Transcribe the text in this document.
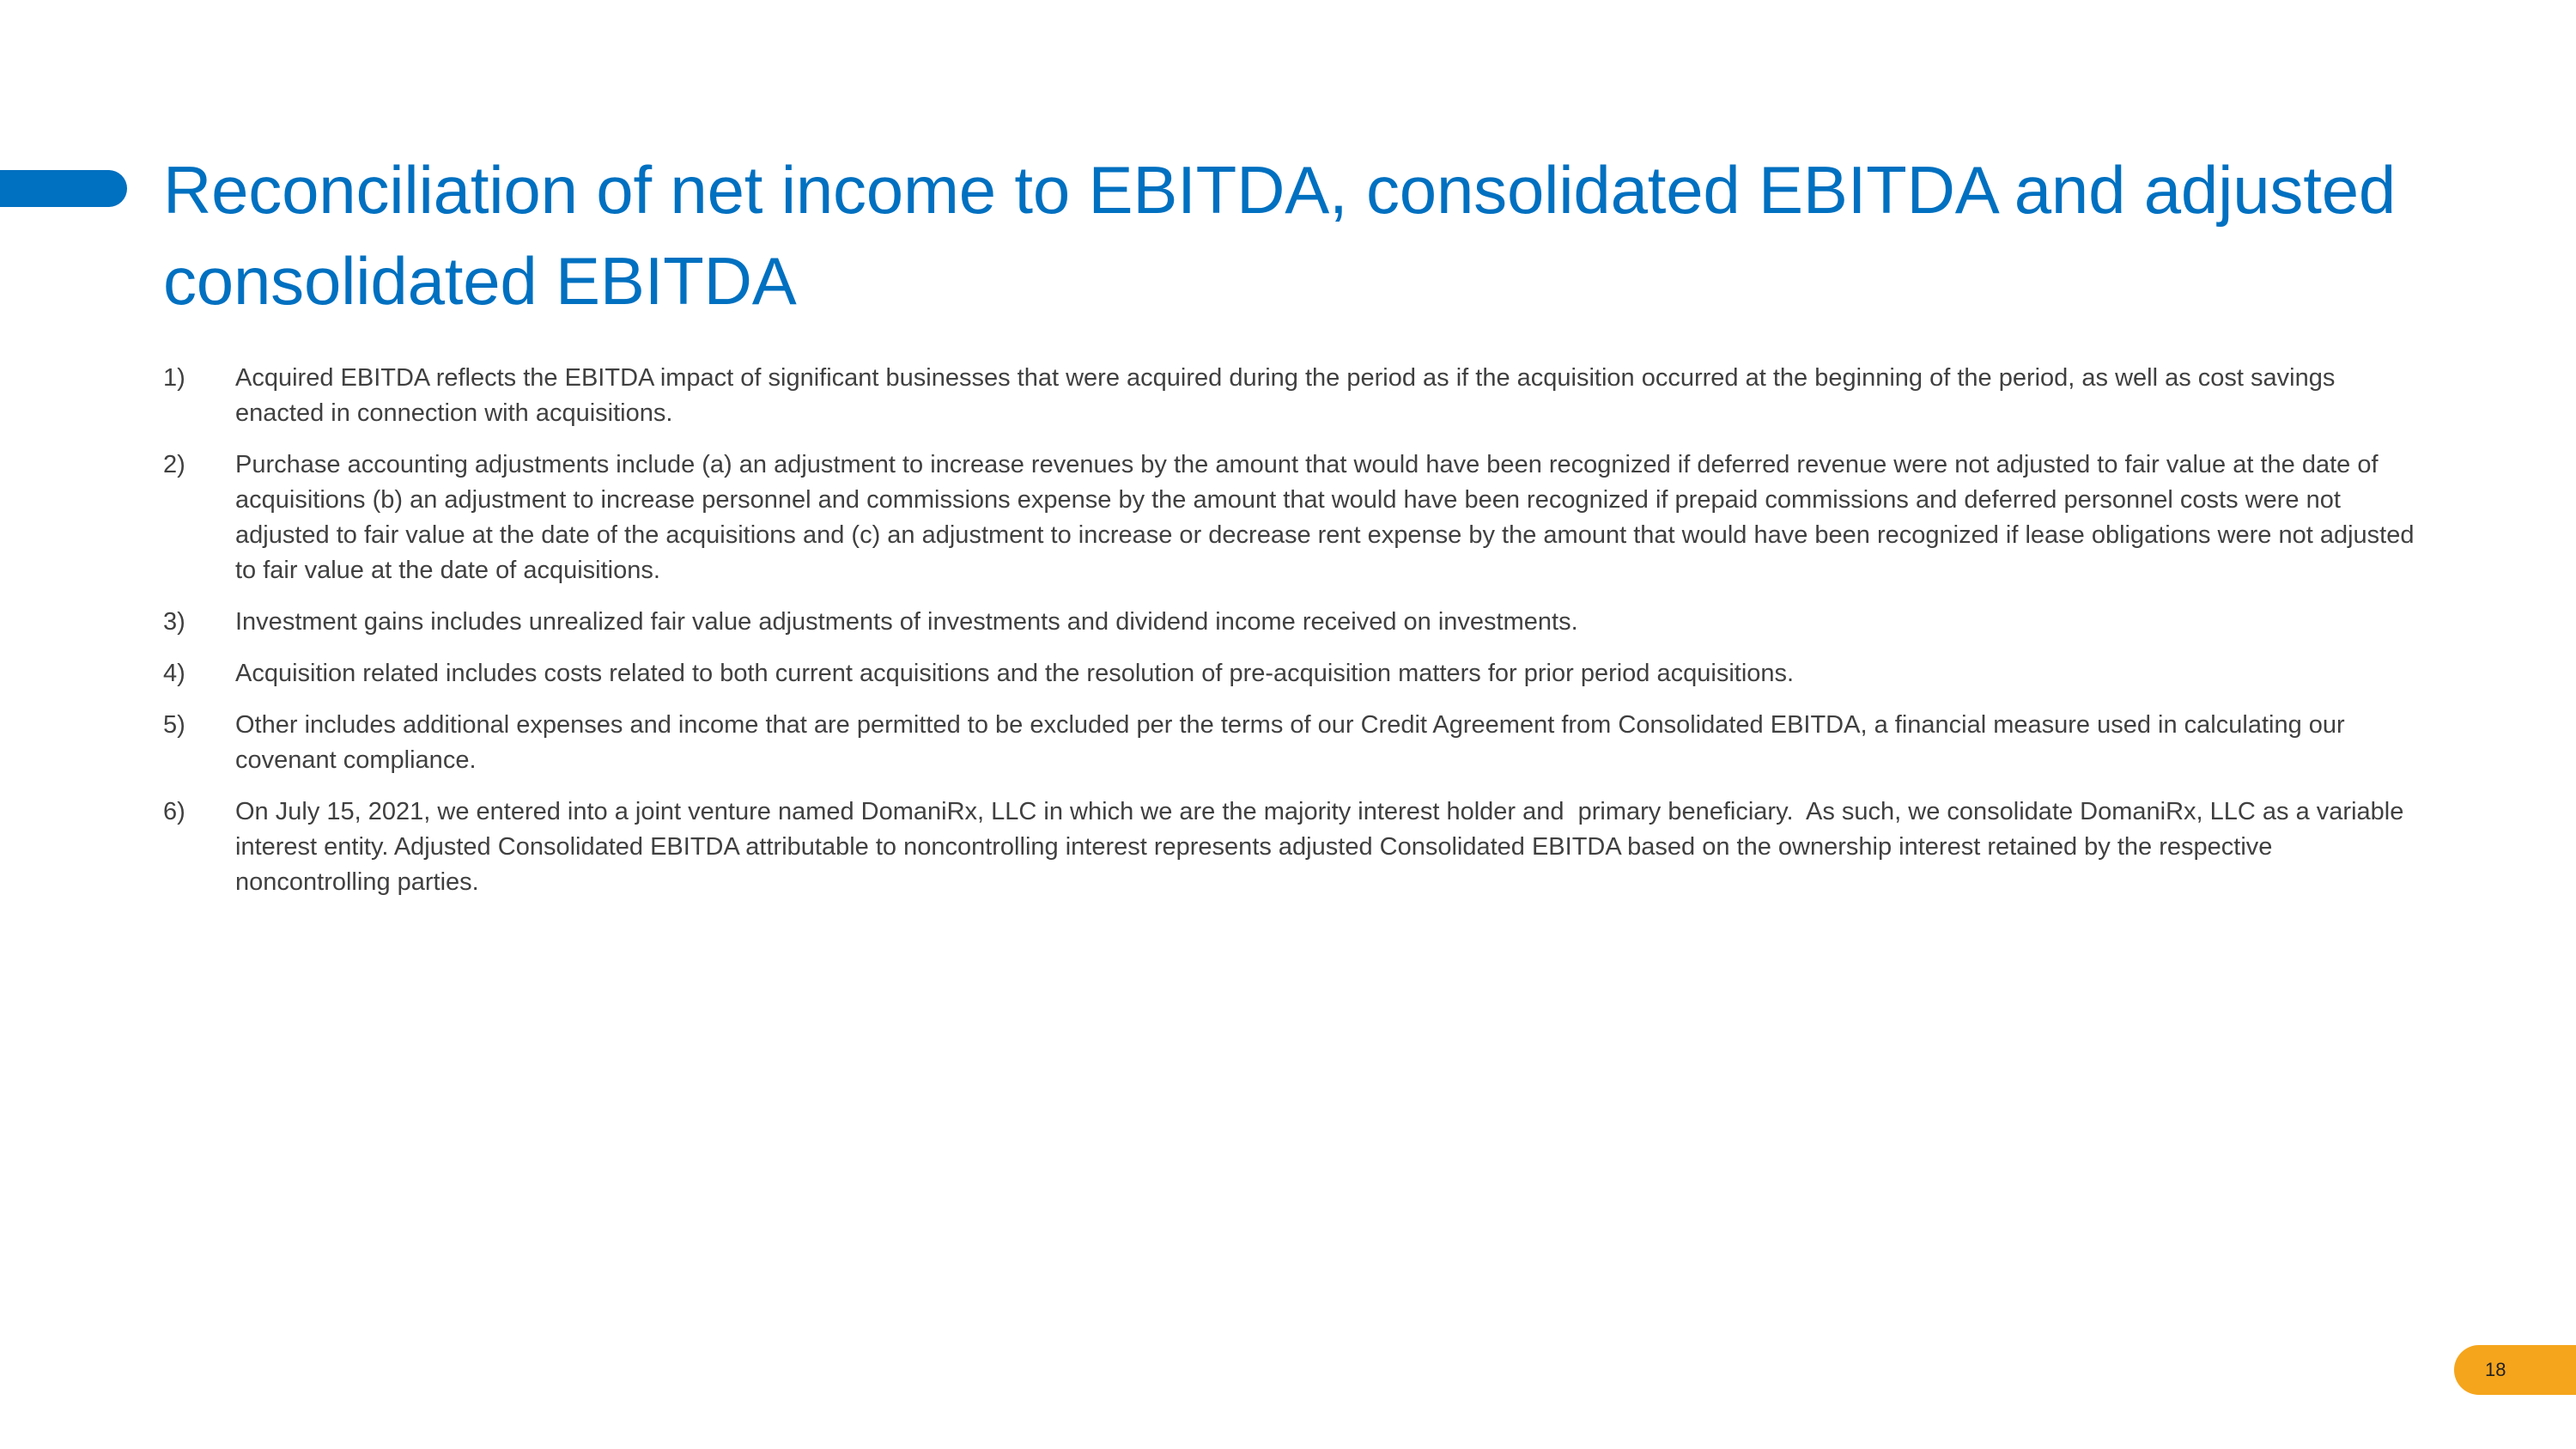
Reconciliation of net income to EBITDA, consolidated EBITDA and adjusted consolidated EBITDA
1)	Acquired EBITDA reflects the EBITDA impact of significant businesses that were acquired during the period as if the acquisition occurred at the beginning of the period, as well as cost savings enacted in connection with acquisitions.
2)	Purchase accounting adjustments include (a) an adjustment to increase revenues by the amount that would have been recognized if deferred revenue were not adjusted to fair value at the date of acquisitions (b) an adjustment to increase personnel and commissions expense by the amount that would have been recognized if prepaid commissions and deferred personnel costs were not adjusted to fair value at the date of the acquisitions and (c) an adjustment to increase or decrease rent expense by the amount that would have been recognized if lease obligations were not adjusted to fair value at the date of acquisitions.
3)	Investment gains includes unrealized fair value adjustments of investments and dividend income received on investments.
4)	Acquisition related includes costs related to both current acquisitions and the resolution of pre-acquisition matters for prior period acquisitions.
5)	Other includes additional expenses and income that are permitted to be excluded per the terms of our Credit Agreement from Consolidated EBITDA, a financial measure used in calculating our covenant compliance.
6)	On July 15, 2021, we entered into a joint venture named DomaniRx, LLC in which we are the majority interest holder and  primary beneficiary.  As such, we consolidate DomaniRx, LLC as a variable interest entity. Adjusted Consolidated EBITDA attributable to noncontrolling interest represents adjusted Consolidated EBITDA based on the ownership interest retained by the respective noncontrolling parties.
18
